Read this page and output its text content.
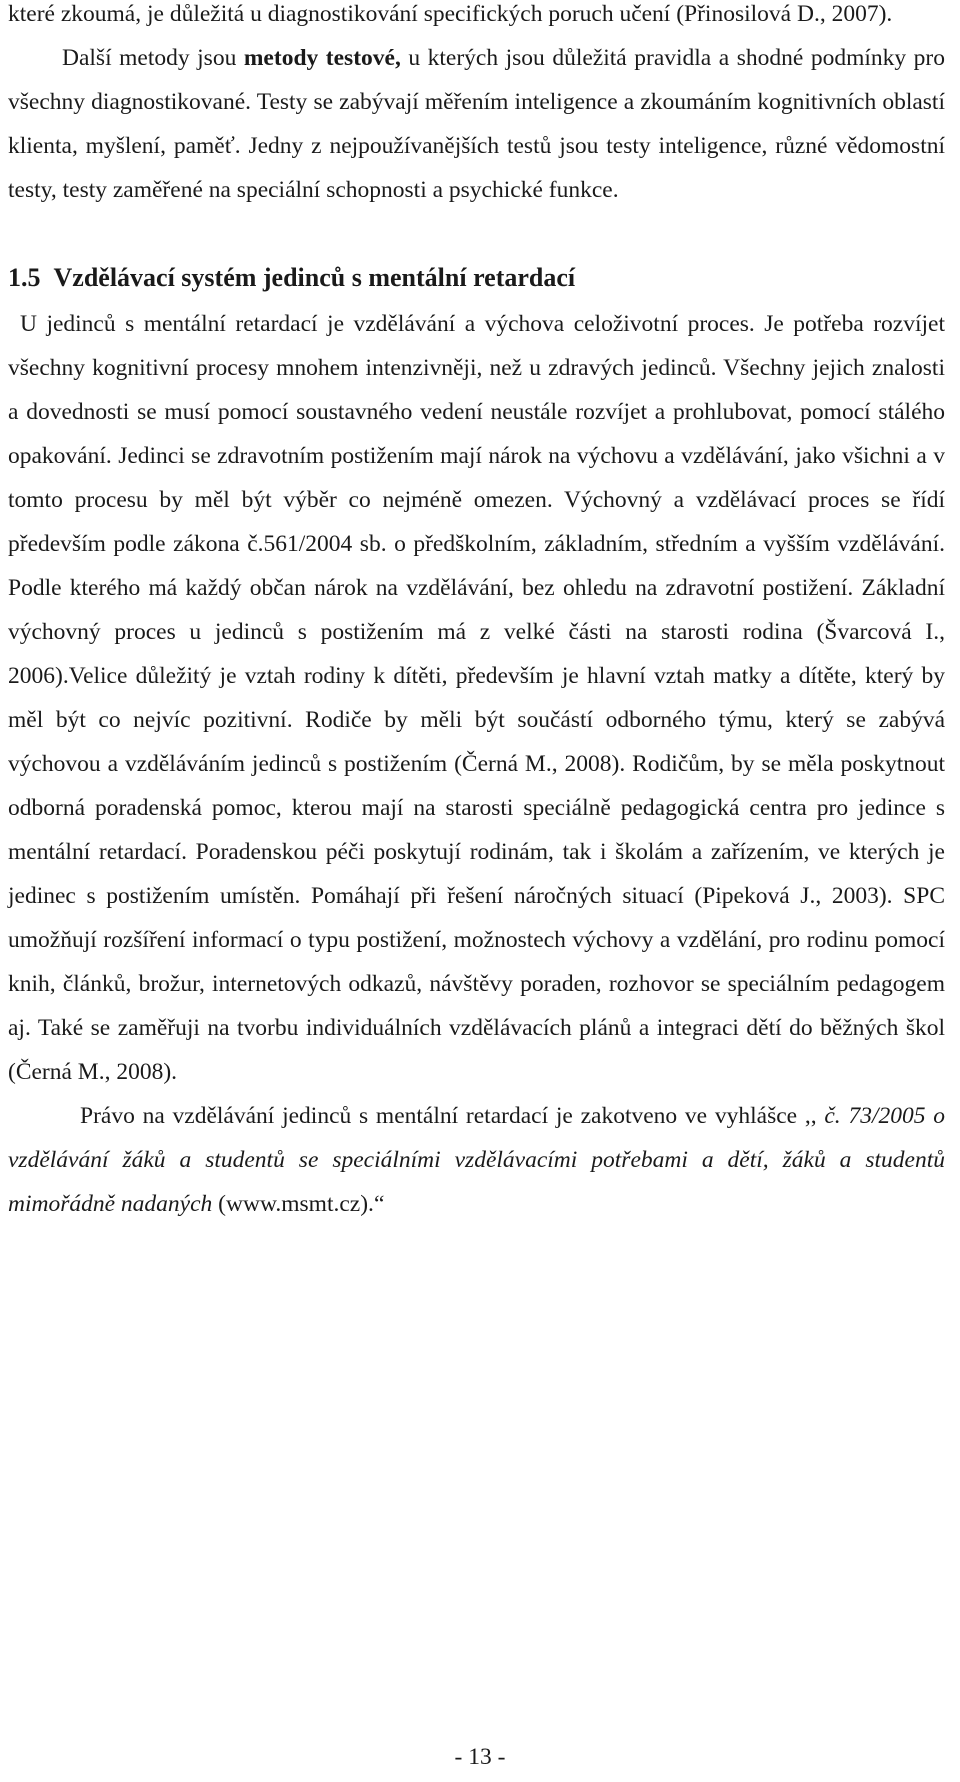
které zkoumá, je důležitá u diagnostikování specifických poruch učení (Přinosilová D., 2007).

Další metody jsou metody testové, u kterých jsou důležitá pravidla a shodné podmínky pro všechny diagnostikované. Testy se zabývají měřením inteligence a zkoumáním kognitivních oblastí klienta, myšlení, paměť. Jedny z nejpoužívanějších testů jsou testy inteligence, různé vědomostní testy, testy zaměřené na speciální schopnosti a psychické funkce.

1.5 Vzdělávací systém jedinců s mentální retardací

U jedinců s mentální retardací je vzdělávání a výchova celoživotní proces. Je potřeba rozvíjet všechny kognitivní procesy mnohem intenzivněji, než u zdravých jedinců. Všechny jejich znalosti a dovednosti se musí pomocí soustavného vedení neustále rozvíjet a prohlubovat, pomocí stálého opakování. Jedinci se zdravotním postižením mají nárok na výchovu a vzdělávání, jako všichni a v tomto procesu by měl být výběr co nejméně omezen. Výchovný a vzdělávací proces se řídí především podle zákona č.561/2004 sb. o předškolním, základním, středním a vyšším vzdělávání. Podle kterého má každý občan nárok na vzdělávání, bez ohledu na zdravotní postižení. Základní výchovný proces u jedinců s postižením má z velké části na starosti rodina (Švarcová I., 2006).Velice důležitý je vztah rodiny k dítěti, především je hlavní vztah matky a dítěte, který by měl být co nejvíc pozitivní. Rodiče by měli být součástí odborného týmu, který se zabývá výchovou a vzděláváním jedinců s postižením (Černá M., 2008). Rodičům, by se měla poskytnout odborná poradenská pomoc, kterou mají na starosti speciálně pedagogická centra pro jedince s mentální retardací. Poradenskou péči poskytují rodinám, tak i školám a zařízením, ve kterých je jedinec s postižením umístěn. Pomáhají při řešení náročných situací (Pipeková J., 2003). SPC umožňují rozšíření informací o typu postižení, možnostech výchovy a vzdělání, pro rodinu pomocí knih, článků, brožur, internetových odkazů, návštěvy poraden, rozhovor se speciálním pedagogem aj. Také se zaměřuji na tvorbu individuálních vzdělávacích plánů a integraci dětí do běžných škol (Černá M., 2008).

Právo na vzdělávání jedinců s mentální retardací je zakotveno ve vyhlášce ,, č. 73/2005 o vzdělávání žáků a studentů se speciálními vzdělávacími potřebami a dětí, žáků a studentů mimořádně nadaných (www.msmt.cz).“

- 13 -
